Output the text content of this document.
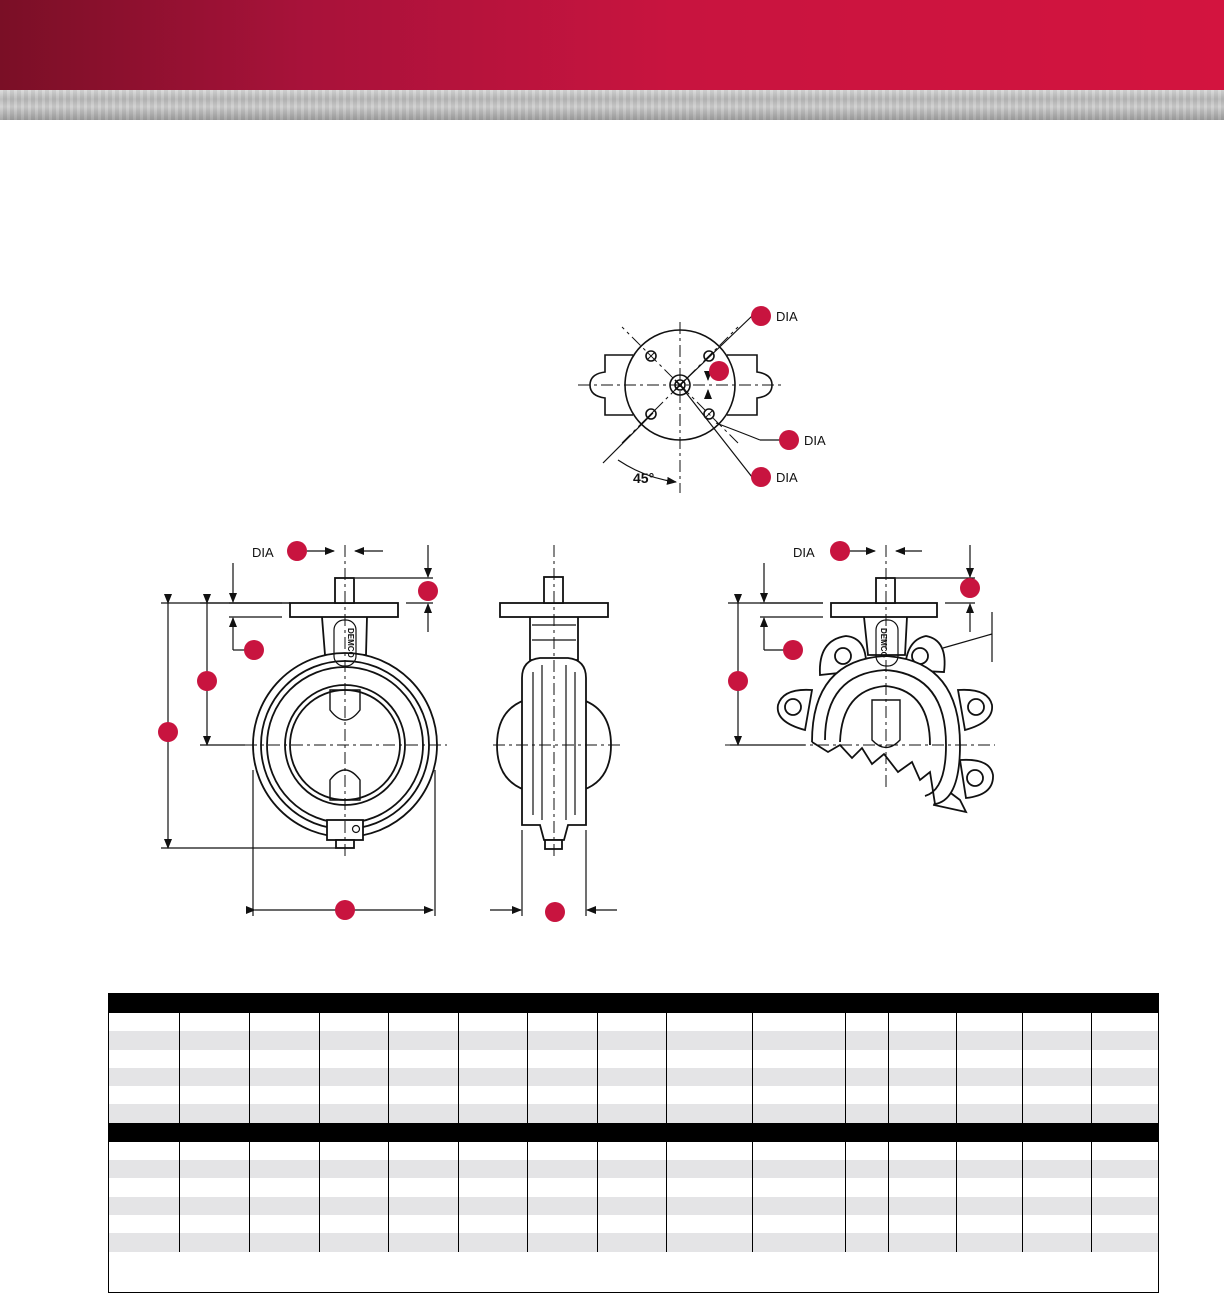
45°
DIA
DIA
DIA
DEMCO
DIA
DEMCO
DIA
